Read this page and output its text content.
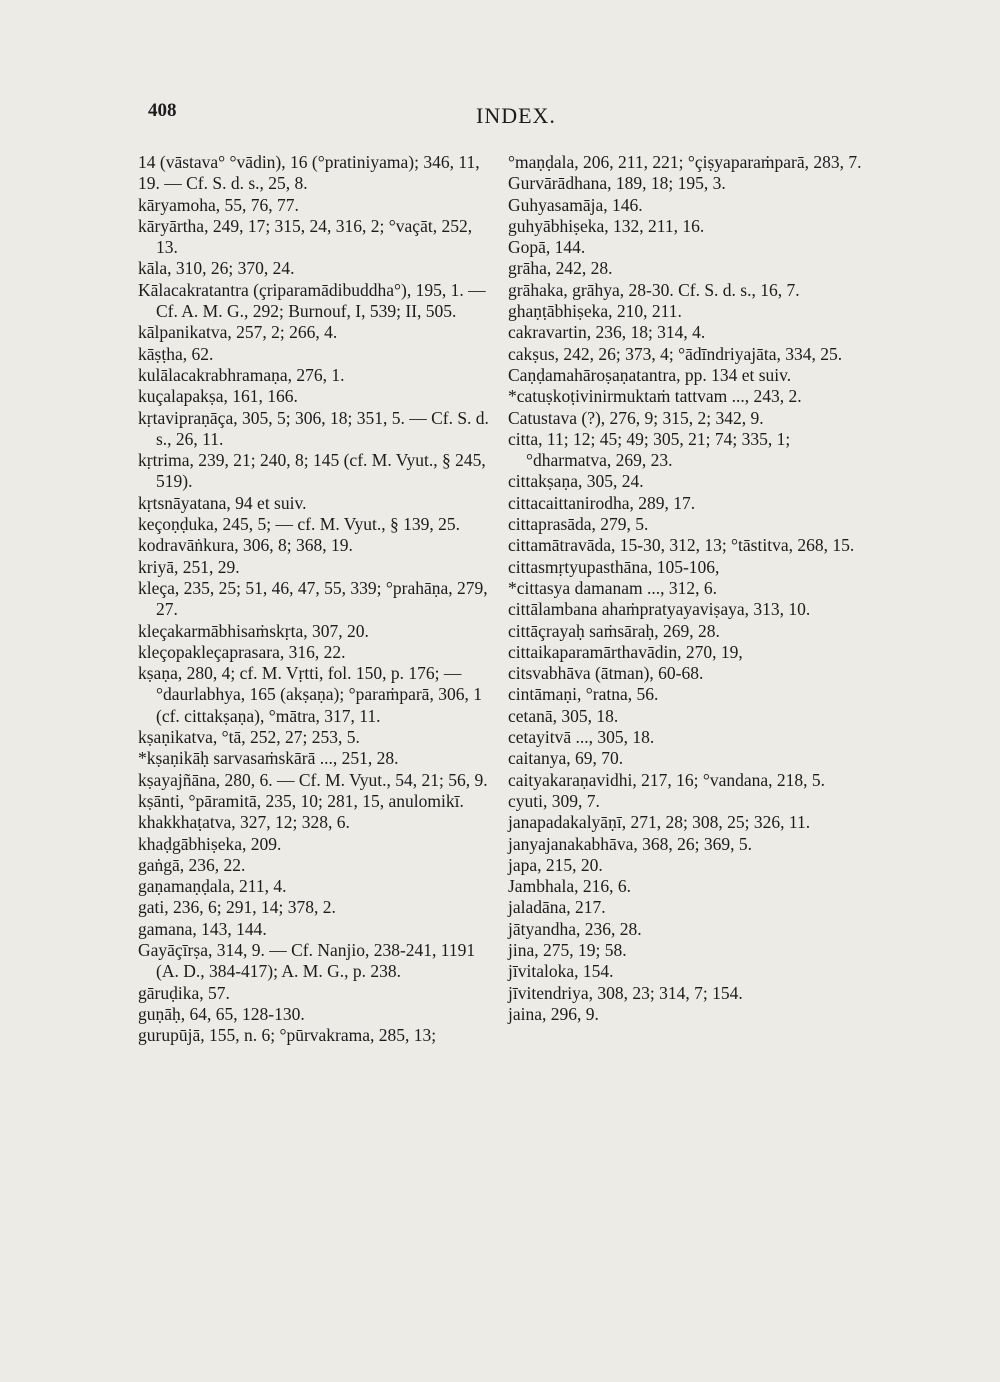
408	INDEX.
14 (vāstava° °vādin), 16 (°pratiniyama); 346, 11, 19. — Cf. S. d. s., 25, 8.
kāryamoha, 55, 76, 77.
kāryārtha, 249, 17; 315, 24, 316, 2; °vaçāt, 252, 13.
kāla, 310, 26; 370, 24.
Kālacakratantra (çriparamādibuddha°), 195, 1. — Cf. A. M. G., 292; Burnouf, I, 539; II, 505.
kālpanikatva, 257, 2; 266, 4.
kāṣṭha, 62.
kulālacakrabhramaṇa, 276, 1.
kuçalapakṣa, 161, 166.
kṛtavipraṇāça, 305, 5; 306, 18; 351, 5. — Cf. S. d. s., 26, 11.
kṛtrima, 239, 21; 240, 8; 145 (cf. M. Vyut., § 245, 519).
kṛtsnāyatana, 94 et suiv.
keçoṇḍuka, 245, 5; — cf. M. Vyut., § 139, 25.
kodravāṅkura, 306, 8; 368, 19.
kriyā, 251, 29.
kleça, 235, 25; 51, 46, 47, 55, 339; °prahāṇa, 279, 27.
kleçakarmābhisaṁskṛta, 307, 20.
kleçopakleçaprasara, 316, 22.
kṣaṇa, 280, 4; cf. M. Vṛtti, fol. 150, p. 176; — °daurlabhya, 165 (akṣaṇa); °paraṁparā, 306, 1 (cf. cittakṣaṇa), °mātra, 317, 11.
kṣaṇikatva, °tā, 252, 27; 253, 5.
*kṣaṇikāḥ sarvasaṁskārā ..., 251, 28.
kṣayajñāna, 280, 6. — Cf. M. Vyut., 54, 21; 56, 9.
kṣānti, °pāramitā, 235, 10; 281, 15, anulomikī.
khakkhaṭatva, 327, 12; 328, 6.
khaḍgābhiṣeka, 209.
gaṅgā, 236, 22.
gaṇamaṇḍala, 211, 4.
gati, 236, 6; 291, 14; 378, 2.
gamana, 143, 144.
Gayāçīrṣa, 314, 9. — Cf. Nanjio, 238-241, 1191 (A. D., 384-417); A. M. G., p. 238.
gāruḍika, 57.
guṇāḥ, 64, 65, 128-130.
gurupūjā, 155, n. 6; °pūrvakrama, 285, 13;
°maṇḍala, 206, 211, 221; °çiṣyaparaṁparā, 283, 7.
Gurvārādhana, 189, 18; 195, 3.
Guhyasamāja, 146.
guhyābhiṣeka, 132, 211, 16.
Gopā, 144.
grāha, 242, 28.
grāhaka, grāhya, 28-30. Cf. S. d. s., 16, 7.
ghaṇṭābhiṣeka, 210, 211.
cakravartin, 236, 18; 314, 4.
cakṣus, 242, 26; 373, 4; °ādīndriyajāta, 334, 25.
Caṇḍamahāroṣaṇatantra, pp. 134 et suiv.
*catuṣkoṭivinirmuktaṁ tattvam ..., 243, 2.
Catustava (?), 276, 9; 315, 2; 342, 9.
citta, 11; 12; 45; 49; 305, 21; 74; 335, 1; °dharmatva, 269, 23.
cittakṣaṇa, 305, 24.
cittacaittanirodha, 289, 17.
cittaprasāda, 279, 5.
cittamātravāda, 15-30, 312, 13; °tāstitva, 268, 15.
cittasmṛtyupasthāna, 105-106,
*cittasya damanam ..., 312, 6.
cittālambana ahaṁpratyayaviṣaya, 313, 10.
cittāçrayaḥ saṁsāraḥ, 269, 28.
cittaikaparamārthavādin, 270, 19,
citsvabhāva (ātman), 60-68.
cintāmaṇi, °ratna, 56.
cetanā, 305, 18.
cetayitvā ..., 305, 18.
caitanya, 69, 70.
caityakaraṇavidhi, 217, 16; °vandana, 218, 5.
cyuti, 309, 7.
janapadakalyāṇī, 271, 28; 308, 25; 326, 11.
janyajanakabhāva, 368, 26; 369, 5.
japa, 215, 20.
Jambhala, 216, 6.
jaladāna, 217.
jātyandha, 236, 28.
jina, 275, 19; 58.
jīvitaloka, 154.
jīvitendriya, 308, 23; 314, 7; 154.
jaina, 296, 9.
